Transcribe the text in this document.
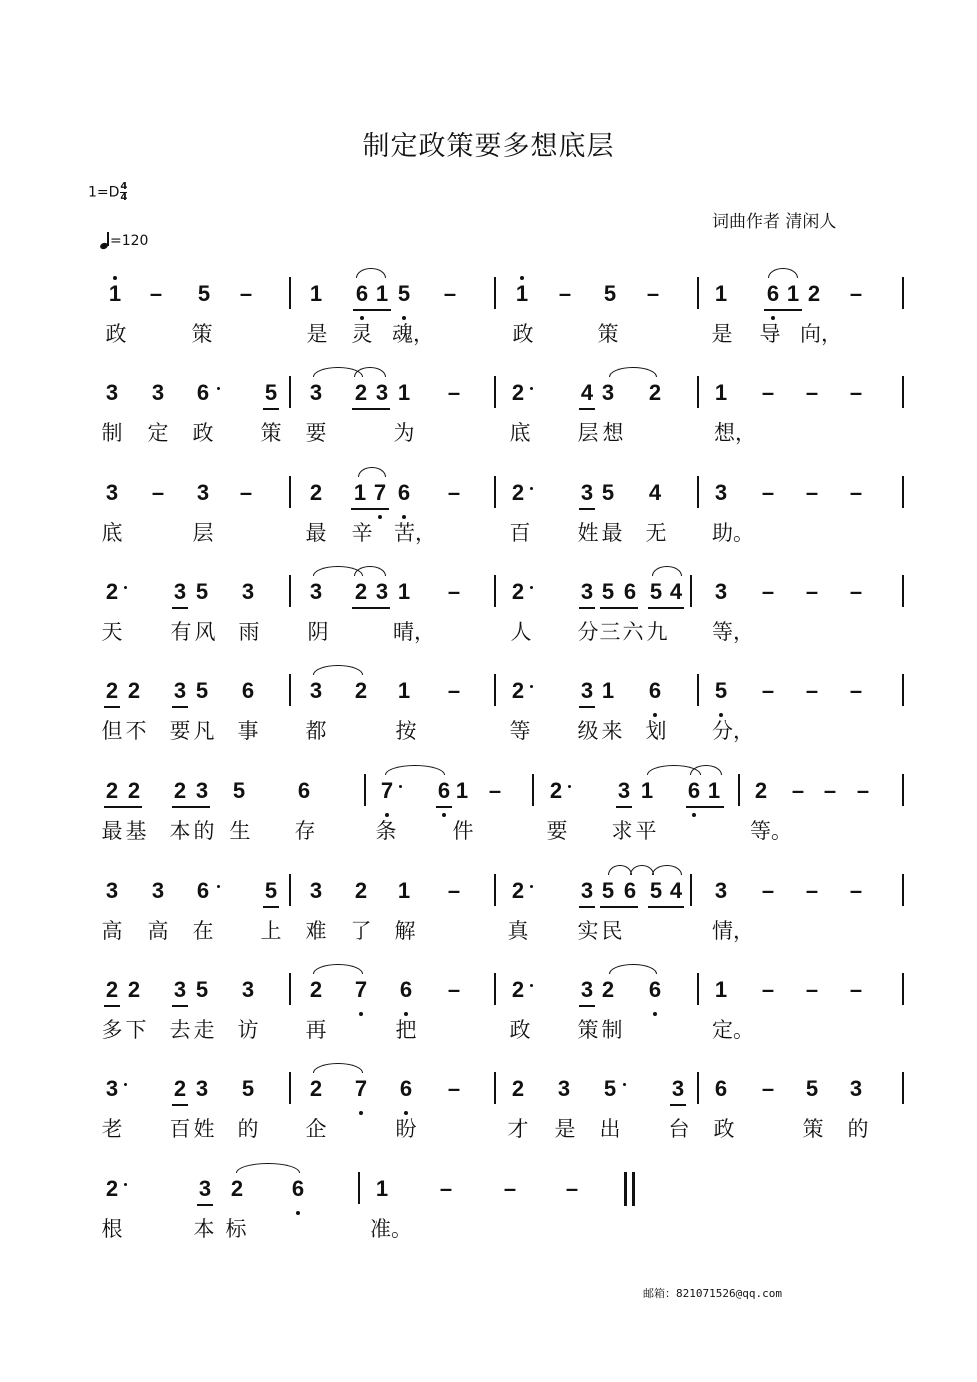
制定政策要多想底层
$1=D \frac{4}{4}$
=120
词曲作者 清闲人
1 – 5 –	1 6 1 5 –	1 – 5 –	1 6 1 2 –
政	策	是 灵 魂，	政	策	是 导 向，
3 3 6	5 3 2 3 1 – 2	4 3 2 1 – – –
制 定 政 策 要	为	底 层 想	想，
3 – 3 –	2 1 7 6 – 2	3 5 4 3 – – –
底	层	最 辛 苦，	百 姓 最 无 助。
2	3 5 3	3 2 3 1 – 2	3 5 6 5 4 3 – – –
天 有 风 雨 阴	晴，	人 分 三 六 九 等，
2 2 3 5 6	3 2 1 – 2	3 1 6 5 – – –
但 不 要 凡 事 都	按	等 级 来 划 分，
2 2 2 3 5 6	7 6 1 – 2	3 1 6 1 2 – – –
最 基 本 的 生 存	条	件	要 求 平	等。
3 3 6	5 3 2 1 – 2	3 5 6 5 4 3 – – –
高 高 在 上 难 了 解	真 实 民	情，
2 2 3 5 3	2 7 6 – 2	3 2 6 1 – – –
多 下 去 走 访 再	把	政 策 制	定。
3	2 3 5	2 7 6 – 2 3 5	3 6 – 5 3
老 百 姓 的 企	盼	才 是 出 台 政	策 的
2	3 2 6	1 – – –
根	本 标	准。
邮箱：821071526@qq.com
